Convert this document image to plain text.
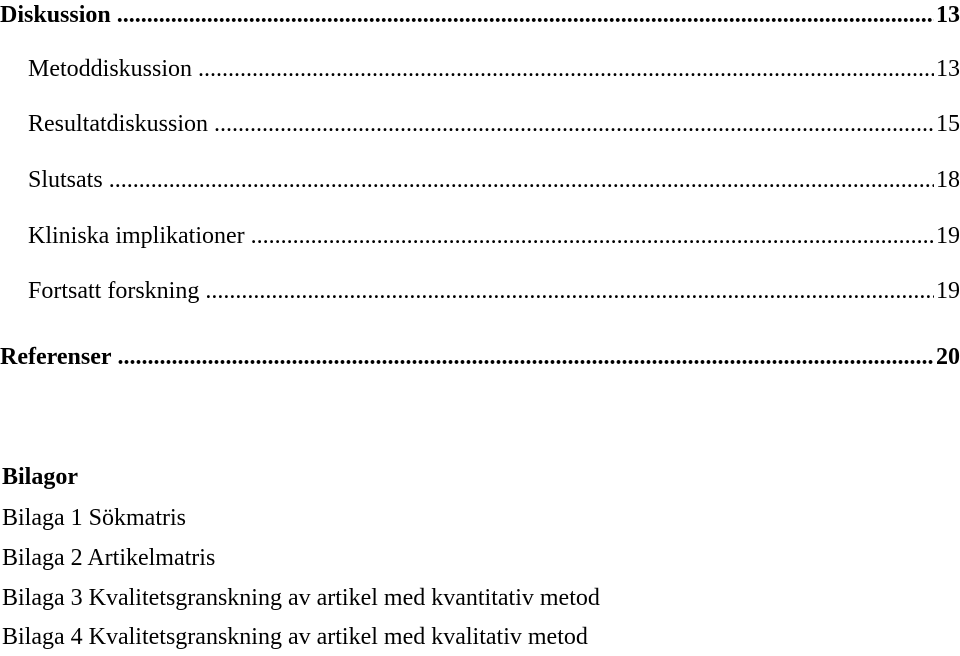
Diskussion .....	13
Metoddiskussion .....	13
Resultatdiskussion .....	15
Slutsats .....	18
Kliniska implikationer .....	19
Fortsatt forskning .....	19
Referenser .....	20
Bilagor
Bilaga 1 Sökmatris
Bilaga 2 Artikelmatris
Bilaga 3 Kvalitetsgranskning av artikel med kvantitativ metod
Bilaga 4 Kvalitetsgranskning av artikel med kvalitativ metod
